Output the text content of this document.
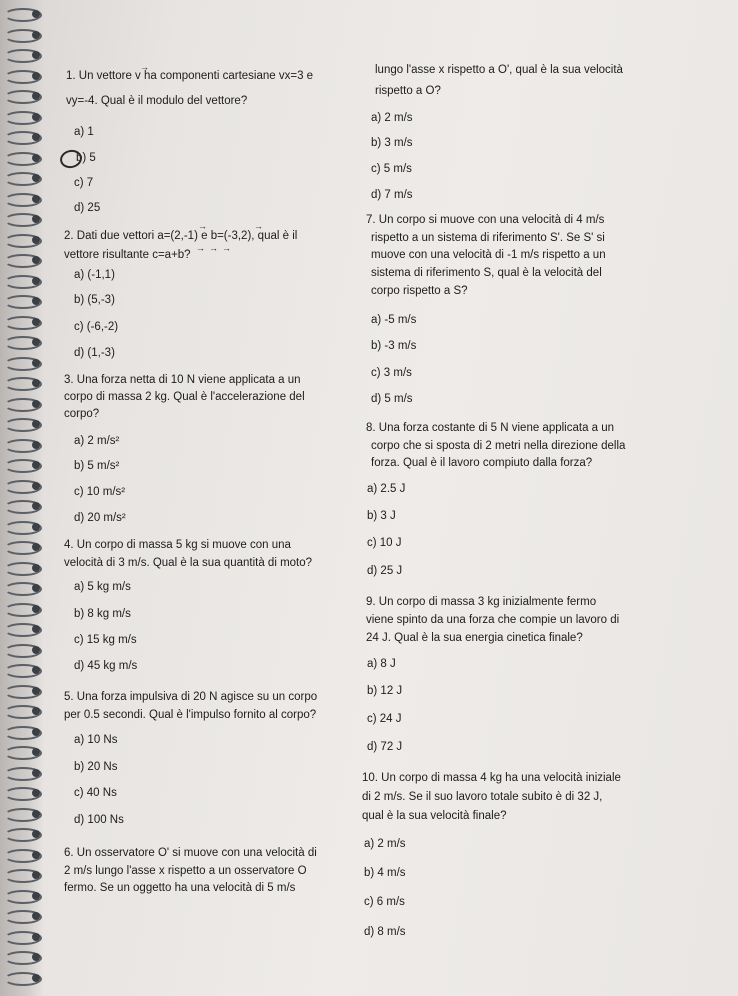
1. Un vettore v ha componenti cartesiane vx=3 e
→
vy=-4. Qual è il modulo del vettore?
a) 1
b) 5
c) 7
d) 25
2. Dati due vettori a=(2,-1) e b=(-3,2), qual è il
→	→
vettore risultante c=a+b?
→→→
a) (-1,1)
b) (5,-3)
c) (-6,-2)
d) (1,-3)
3. Una forza netta di 10 N viene applicata a un
corpo di massa 2 kg. Qual è l'accelerazione del
corpo?
a) 2 m/s²
b) 5 m/s²
c) 10 m/s²
d) 20 m/s²
4. Un corpo di massa 5 kg si muove con una
velocità di 3 m/s. Qual è la sua quantità di moto?
a) 5 kg m/s
b) 8 kg m/s
c) 15 kg m/s
d) 45 kg m/s
5. Una forza impulsiva di 20 N agisce su un corpo
per 0.5 secondi. Qual è l'impulso fornito al corpo?
a) 10 Ns
b) 20 Ns
c) 40 Ns
d) 100 Ns
6. Un osservatore O' si muove con una velocità di
2 m/s lungo l'asse x rispetto a un osservatore O
fermo. Se un oggetto ha una velocità di 5 m/s
lungo l'asse x rispetto a O', qual è la sua velocità
rispetto a O?
a) 2 m/s
b) 3 m/s
c) 5 m/s
d) 7 m/s
7. Un corpo si muove con una velocità di 4 m/s
rispetto a un sistema di riferimento S'. Se S' si
muove con una velocità di -1 m/s rispetto a un
sistema di riferimento S, qual è la velocità del
corpo rispetto a S?
a) -5 m/s
b) -3 m/s
c) 3 m/s
d) 5 m/s
8. Una forza costante di 5 N viene applicata a un
corpo che si sposta di 2 metri nella direzione della
forza. Qual è il lavoro compiuto dalla forza?
a) 2.5 J
b) 3 J
c) 10 J
d) 25 J
9. Un corpo di massa 3 kg inizialmente fermo
viene spinto da una forza che compie un lavoro di
24 J. Qual è la sua energia cinetica finale?
a) 8 J
b) 12 J
c) 24 J
d) 72 J
10. Un corpo di massa 4 kg ha una velocità iniziale
di 2 m/s. Se il suo lavoro totale subito è di 32 J,
qual è la sua velocità finale?
a) 2 m/s
b) 4 m/s
c) 6 m/s
d) 8 m/s
